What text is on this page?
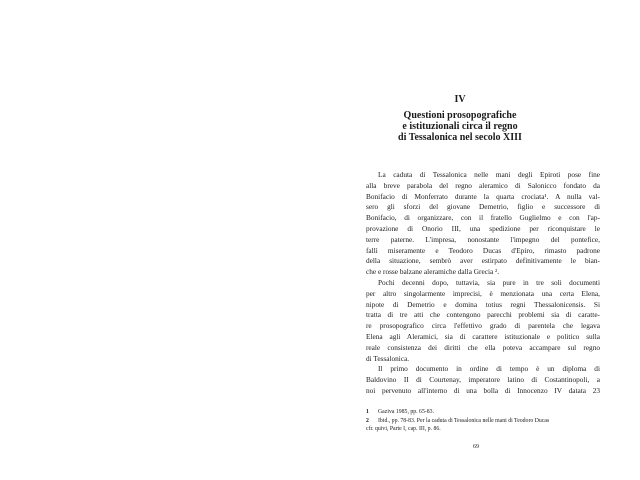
IV
Questioni prosopografiche
e istituzionali circa il regno
di Tessalonica nel secolo XIII
La caduta di Tessalonica nelle mani degli Epiroti pose fine
alla breve parabola del regno aleramico di Salonicco fondato da
Bonifacio di Monferrato durante la quarta crociata¹. A nulla val-
sero gli sforzi del giovane Demetrio, figlio e successore di
Bonifacio, di organizzare, con il fratello Guglielmo e con l'ap-
provazione di Onorio III, una spedizione per riconquistare le
terre paterne. L'impresa, nonostante l'impegno del pontefice,
fallì miseramente e Teodoro Ducas d'Epiro, rimasto padrone
della situazione, sembrò aver estirpato definitivamente le bian-
che e rosse balzane aleramiche dalla Grecia ².
Pochi decenni dopo, tuttavia, sia pure in tre soli documenti
per altro singolarmente imprecisi, è menzionata una certa Elena,
nipote di Demetrio e domina totius regni Thessalonicensis. Si
tratta di tre atti che contengono parecchi problemi sia di caratte-
re prosopografico circa l'effettivo grado di parentela che legava
Elena agli Aleramici, sia di carattere istituzionale e politico sulla
reale consistenza dei diritti che ella poteva accampare sul regno
di Tessalonica.
Il primo documento in ordine di tempo è un diploma di
Baldovino II di Courtenay, imperatore latino di Costantinopoli, a
noi pervenuto all'interno di una bolla di Innocenzo IV datata 23
1 Gaziva 1985, pp. 65-83.
2 Ibid., pp. 78-83. Per la caduta di Tessalonica nelle mani di Teodoro Ducas
cfr. quivi, Parte I, cap. III, p. 86.
69
